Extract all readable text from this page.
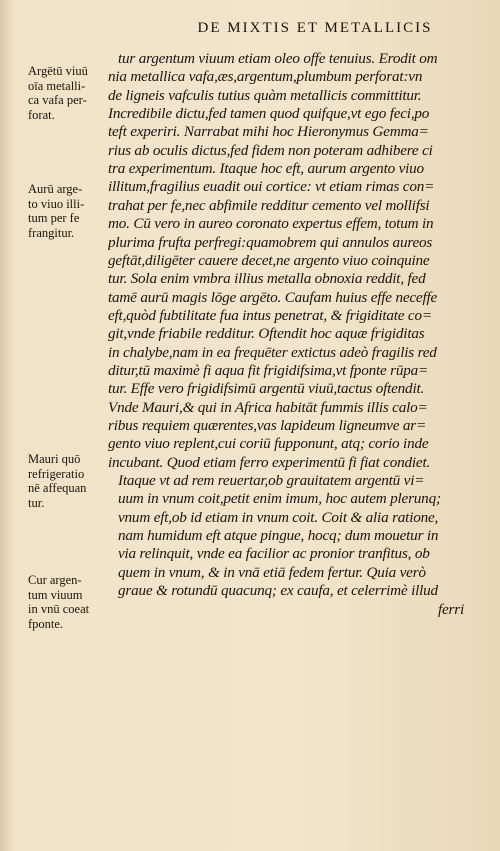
DE MIXTIS ET METALLICIS
tur argentum viuum etiam oleo offe tenuius. Erodit om
nia metallica vafa,æs,argentum,plumbum perforat:vn
de ligneis vafculis tutius quàm metallicis committitur.
Incredibile dictu,fed tamen quod quifque,vt ego feci,po
teft experiri. Narrabat mihi hoc Hieronymus Gemma=
rius ab oculis dictus,fed fidem non poteram adhibere ci
tra experimentum. Itaque hoc eft, aurum argento viuo
illitum,fragilius euadit oui cortice: vt etiam rimas con=
trahat per fe,nec abfimile redditur cemento vel mollifsi
mo. Cū vero in aureo coronato expertus effem, totum in
plurima frufta perfregi:quamobrem qui annulos aureos
geftāt,diligēter cauere decet,ne argento viuo coinquine
tur. Sola enim vmbra illius metalla obnoxia reddit, fed
tamē aurū magis lōge argēto. Caufam huius effe neceffe
eft,quòd fubtilitate fua intus penetrat, & frigiditate co=
git,vnde friabile redditur. Oftendit hoc aquæ frigiditas
in chalybe,nam in ea frequēter extictus adeò fragilis red
ditur,tū maximè fi aqua fit frigidifsima,vt fponte rūpa=
tur. Effe vero frigidifsimū argentū viuū,tactus oftendit.
Vnde Mauri,& qui in Africa habitāt fummis illis calo=
ribus requiem quærentes,vas lapideum ligneumve ar=
gento viuo replent,cui coriū fupponunt, atq; corio inde
incubant. Quod etiam ferro experimentū fi fiat condiet.
Itaque vt ad rem reuertar,ob grauitatem argentū vi=
uum in vnum coit,petit enim imum, hoc autem plerunq;
vnum eft,ob id etiam in vnum coit. Coit & alia ratione,
nam humidum eft atque pingue, hocq; dum mouetur in
via relinquit, vnde ea facilior ac pronior tranfitus, ob
quem in vnum, & in vnā etiā fedem fertur. Quia verò
graue & rotundū quacunq; ex caufa, et celerrimè illud
ferri
Argētū viuū
oīa metalli-
ca vafa per-
forat.
Aurū arge-
to viuo illi-
tum per fe
frangitur.
Mauri quō
refrigeratio
nē affequan
tur.
Cur argen-
tum viuum
in vnū coeat
fponte.
